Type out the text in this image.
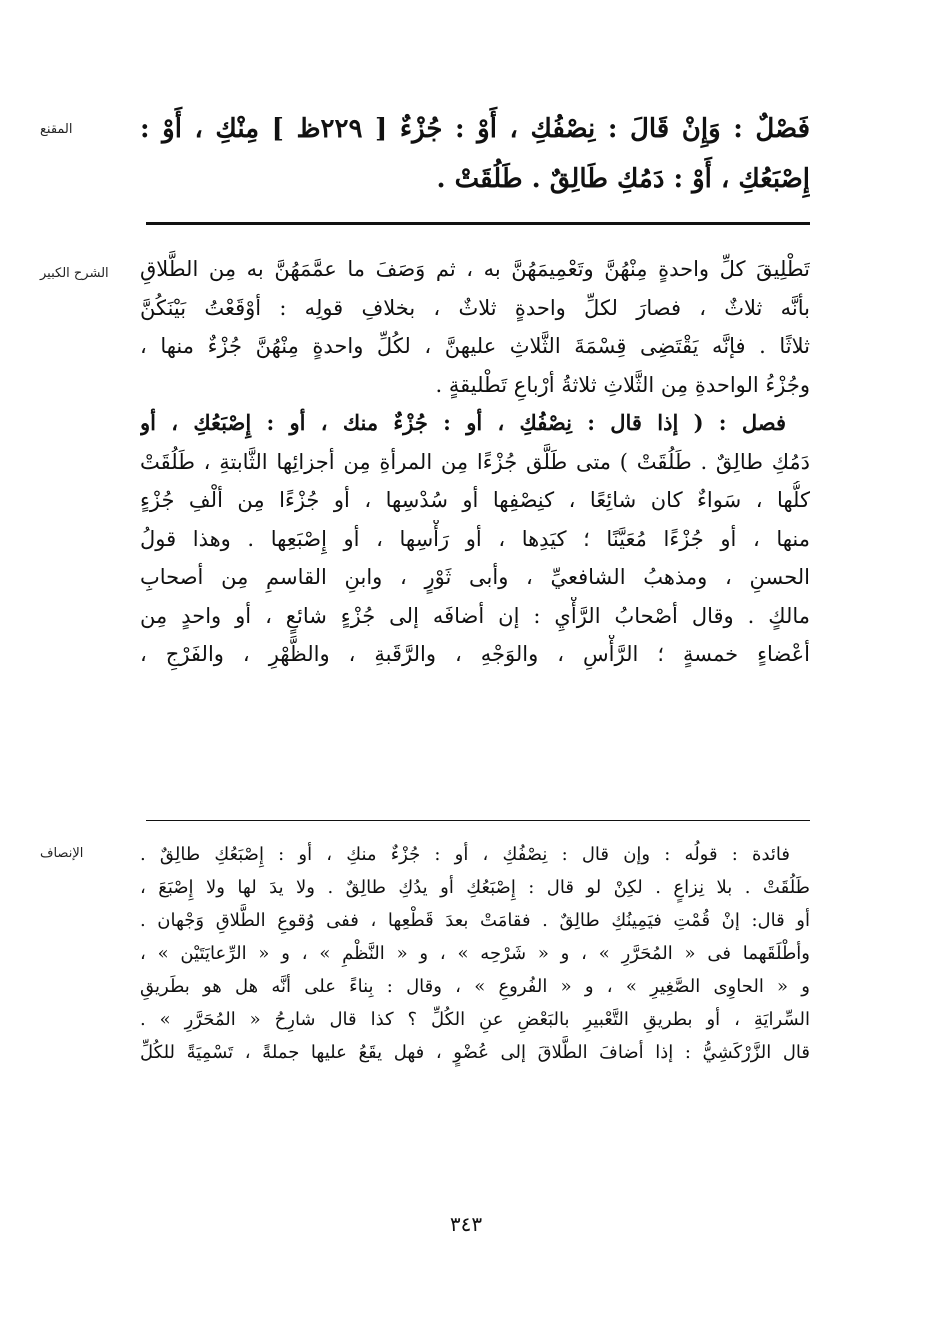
المقنع	فَصْلٌ : وَإِنْ قَالَ : نِصْفُكِ ، أَوْ : جُزْءٌ [ ٢٢٩ظ ] مِنْكِ ، أَوْ :
إِصْبَعُكِ ، أَوْ : دَمُكِ طَالِقٌ . طَلُقَتْ .
الشرح الكبير	تَطْلِيقَ كلِّ واحدةٍ مِنْهُنَّ وتَعْمِيمَهُنَّ به ، ثم وَصَفَ ما عمَّمَهُنَّ به مِن الطَّلاقِ
بأنَّه ثلاثٌ ، فصارَ لكلِّ واحدةٍ ثلاثٌ ، بخلافِ قولِه : أوْقَعْتُ بَيْنَكُنَّ
ثلاثًا . فإنَّه يَقْتَضِى قِسْمَةَ الثَّلاثِ عليهنَّ ، لكُلِّ واحدةٍ مِنْهُنَّ جُزْءٌ منها ،
وجُزْءُ الواحدةِ مِن الثَّلاثِ ثلاثةُ أرْباعِ تَطْليقةٍ .
فصل : ( إذا قال : نِصْفُكِ ، أو : جُزْءٌ منك ، أو : إِصْبَعُكِ ، أو
دَمُكِ طالِقٌ . طَلُقَتْ ) متى طَلَّق جُزْءًا مِن المرأةِ مِن أجزائِها الثَّابتةِ ، طَلُقَتْ
كلُّها ، سَواءٌ كان شائِعًا ، كنِصْفِها أو سُدْسِها ، أو جُزْءًا مِن ألْفِ جُزْءٍ
منها ، أو جُزْءًا مُعَيَّنًا ؛ كيَدِها ، أو رَأْسِها ، أو إِصْبَعِها . وهذا قولُ
الحسنِ ، ومذهبُ الشافعيِّ ، وأبى ثَوْرٍ ، وابنِ القاسمِ مِن أصحابِ
مالكٍ . وقال أصْحابُ الرَّأْيِ : إن أضافَه إلى جُزْءٍ شائعٍ ، أو واحدٍ مِن
أعْضاءٍ خمسةٍ ؛ الرَّأْسِ ، والوَجْهِ ، والرَّقَبةِ ، والظَّهْرِ ، والفَرْجِ ،
الإنصاف	فائدة : قولُه : وإن قال : نِصْفُكِ ، أو : جُزْءٌ منكِ ، أو : إِصْبَعُكِ طالِقٌ .
طَلُقَتْ . بلا نِزاعٍ . لكِنْ لو قال : إِصْبَعُكِ أو يدُكِ طالِقٌ . ولا يدَ لها ولا إِصْبَعَ ،
أو قال: إنْ قُمْتِ فيَمِينُكِ طالِقٌ . فقامَتْ بعدَ قَطْعِها ، ففى وُقوعِ الطَّلاقِ وَجْهان .
وأطْلَقَهما فى « المُحَرَّرِ » ، و « شَرْحِه » ، و « النَّظْمِ » ، و « الرِّعايَتَيْن » ،
و « الحاوِى الصَّغِيرِ » ، و « الفُروعِ » ، وقال : بِناءً على أنَّه هل هو بطَريقِ
السِّرايَةِ ، أو بطريقِ التَّعْبيرِ بالبَعْضِ عنِ الكُلِّ ؟ كذا قال شارِحُ « المُحَرَّرِ » .
قال الزَّرْكَشِيُّ : إذا أضافَ الطَّلاقَ إلى عُضْوٍ ، فهل يقَعُ عليها جملةً ، تَسْمِيَةً للكُلِّ
٣٤٣
